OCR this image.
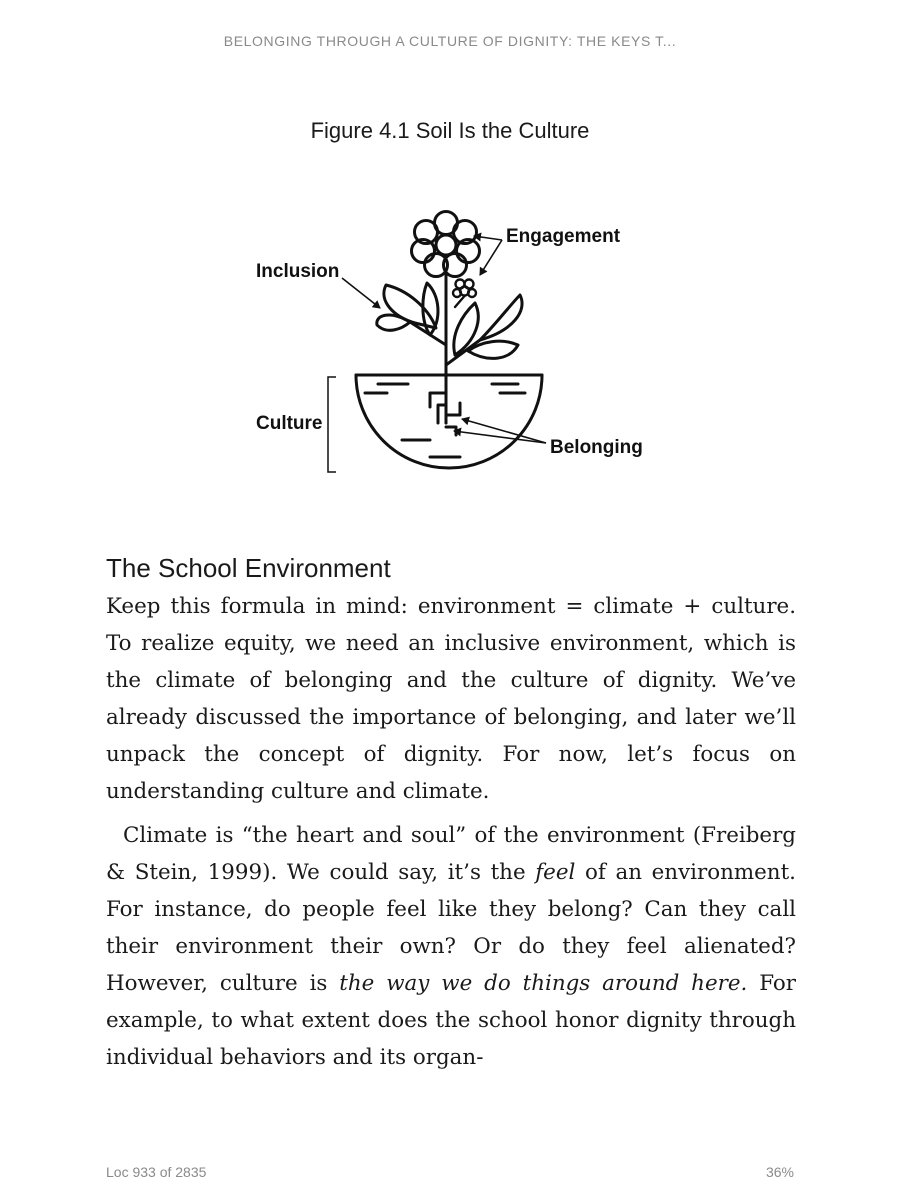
BELONGING THROUGH A CULTURE OF DIGNITY: THE KEYS T...
Figure 4.1 Soil Is the Culture
Engagement
Inclusion
Culture
Belonging
The School Environment

Keep this formula in mind: environment = climate + culture. To realize equity, we need an inclusive environment, which is the climate of belonging and the culture of dignity. We’ve already discussed the importance of belonging, and later we’ll unpack the concept of dignity. For now, let’s focus on understanding culture and climate.

Climate is “the heart and soul” of the environment (Freiberg & Stein, 1999). We could say, it’s the feel of an environment. For instance, do people feel like they belong? Can they call their environment their own? Or do they feel alienated? However, culture is the way we do things around here. For example, to what extent does the school honor dignity through individual behaviors and its organ-

Loc 933 of 2835	36%
